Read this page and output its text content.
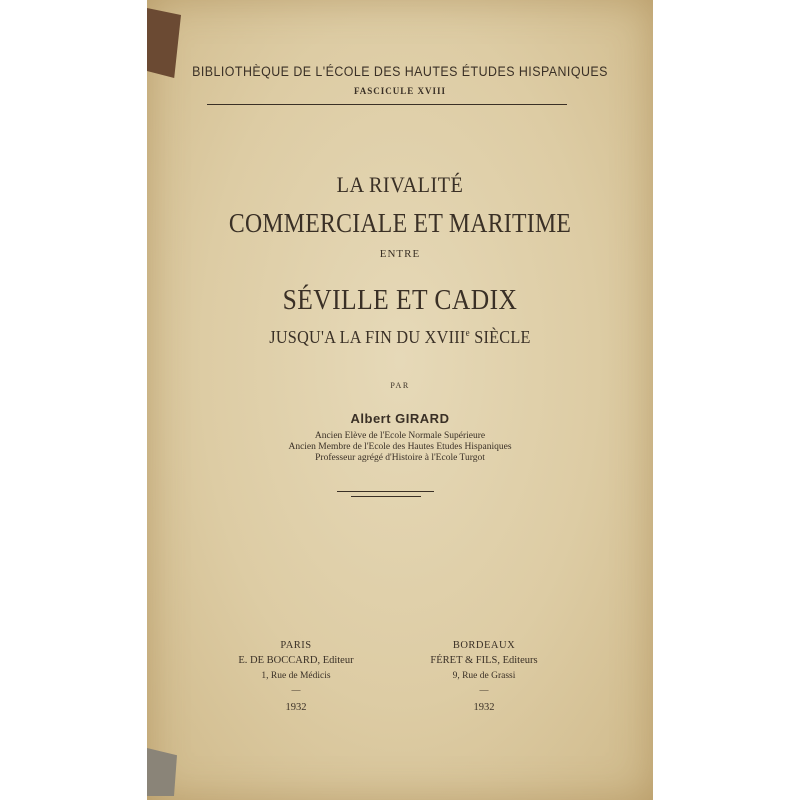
BIBLIOTHÈQUE DE L'ÉCOLE DES HAUTES ÉTUDES HISPANIQUES
FASCICULE XVIII
LA RIVALITÉ
COMMERCIALE ET MARITIME
ENTRE
SÉVILLE ET CADIX
JUSQU'A LA FIN DU XVIIIe SIÈCLE
PAR
Albert GIRARD
Ancien Elève de l'Ecole Normale Supérieure
Ancien Membre de l'Ecole des Hautes Etudes Hispaniques
Professeur agrégé d'Histoire à l'Ecole Turgot
PARIS
E. DE BOCCARD, Editeur
1, Rue de Médicis
—
1932
BORDEAUX
FÉRET & FILS, Editeurs
9, Rue de Grassi
—
1932
